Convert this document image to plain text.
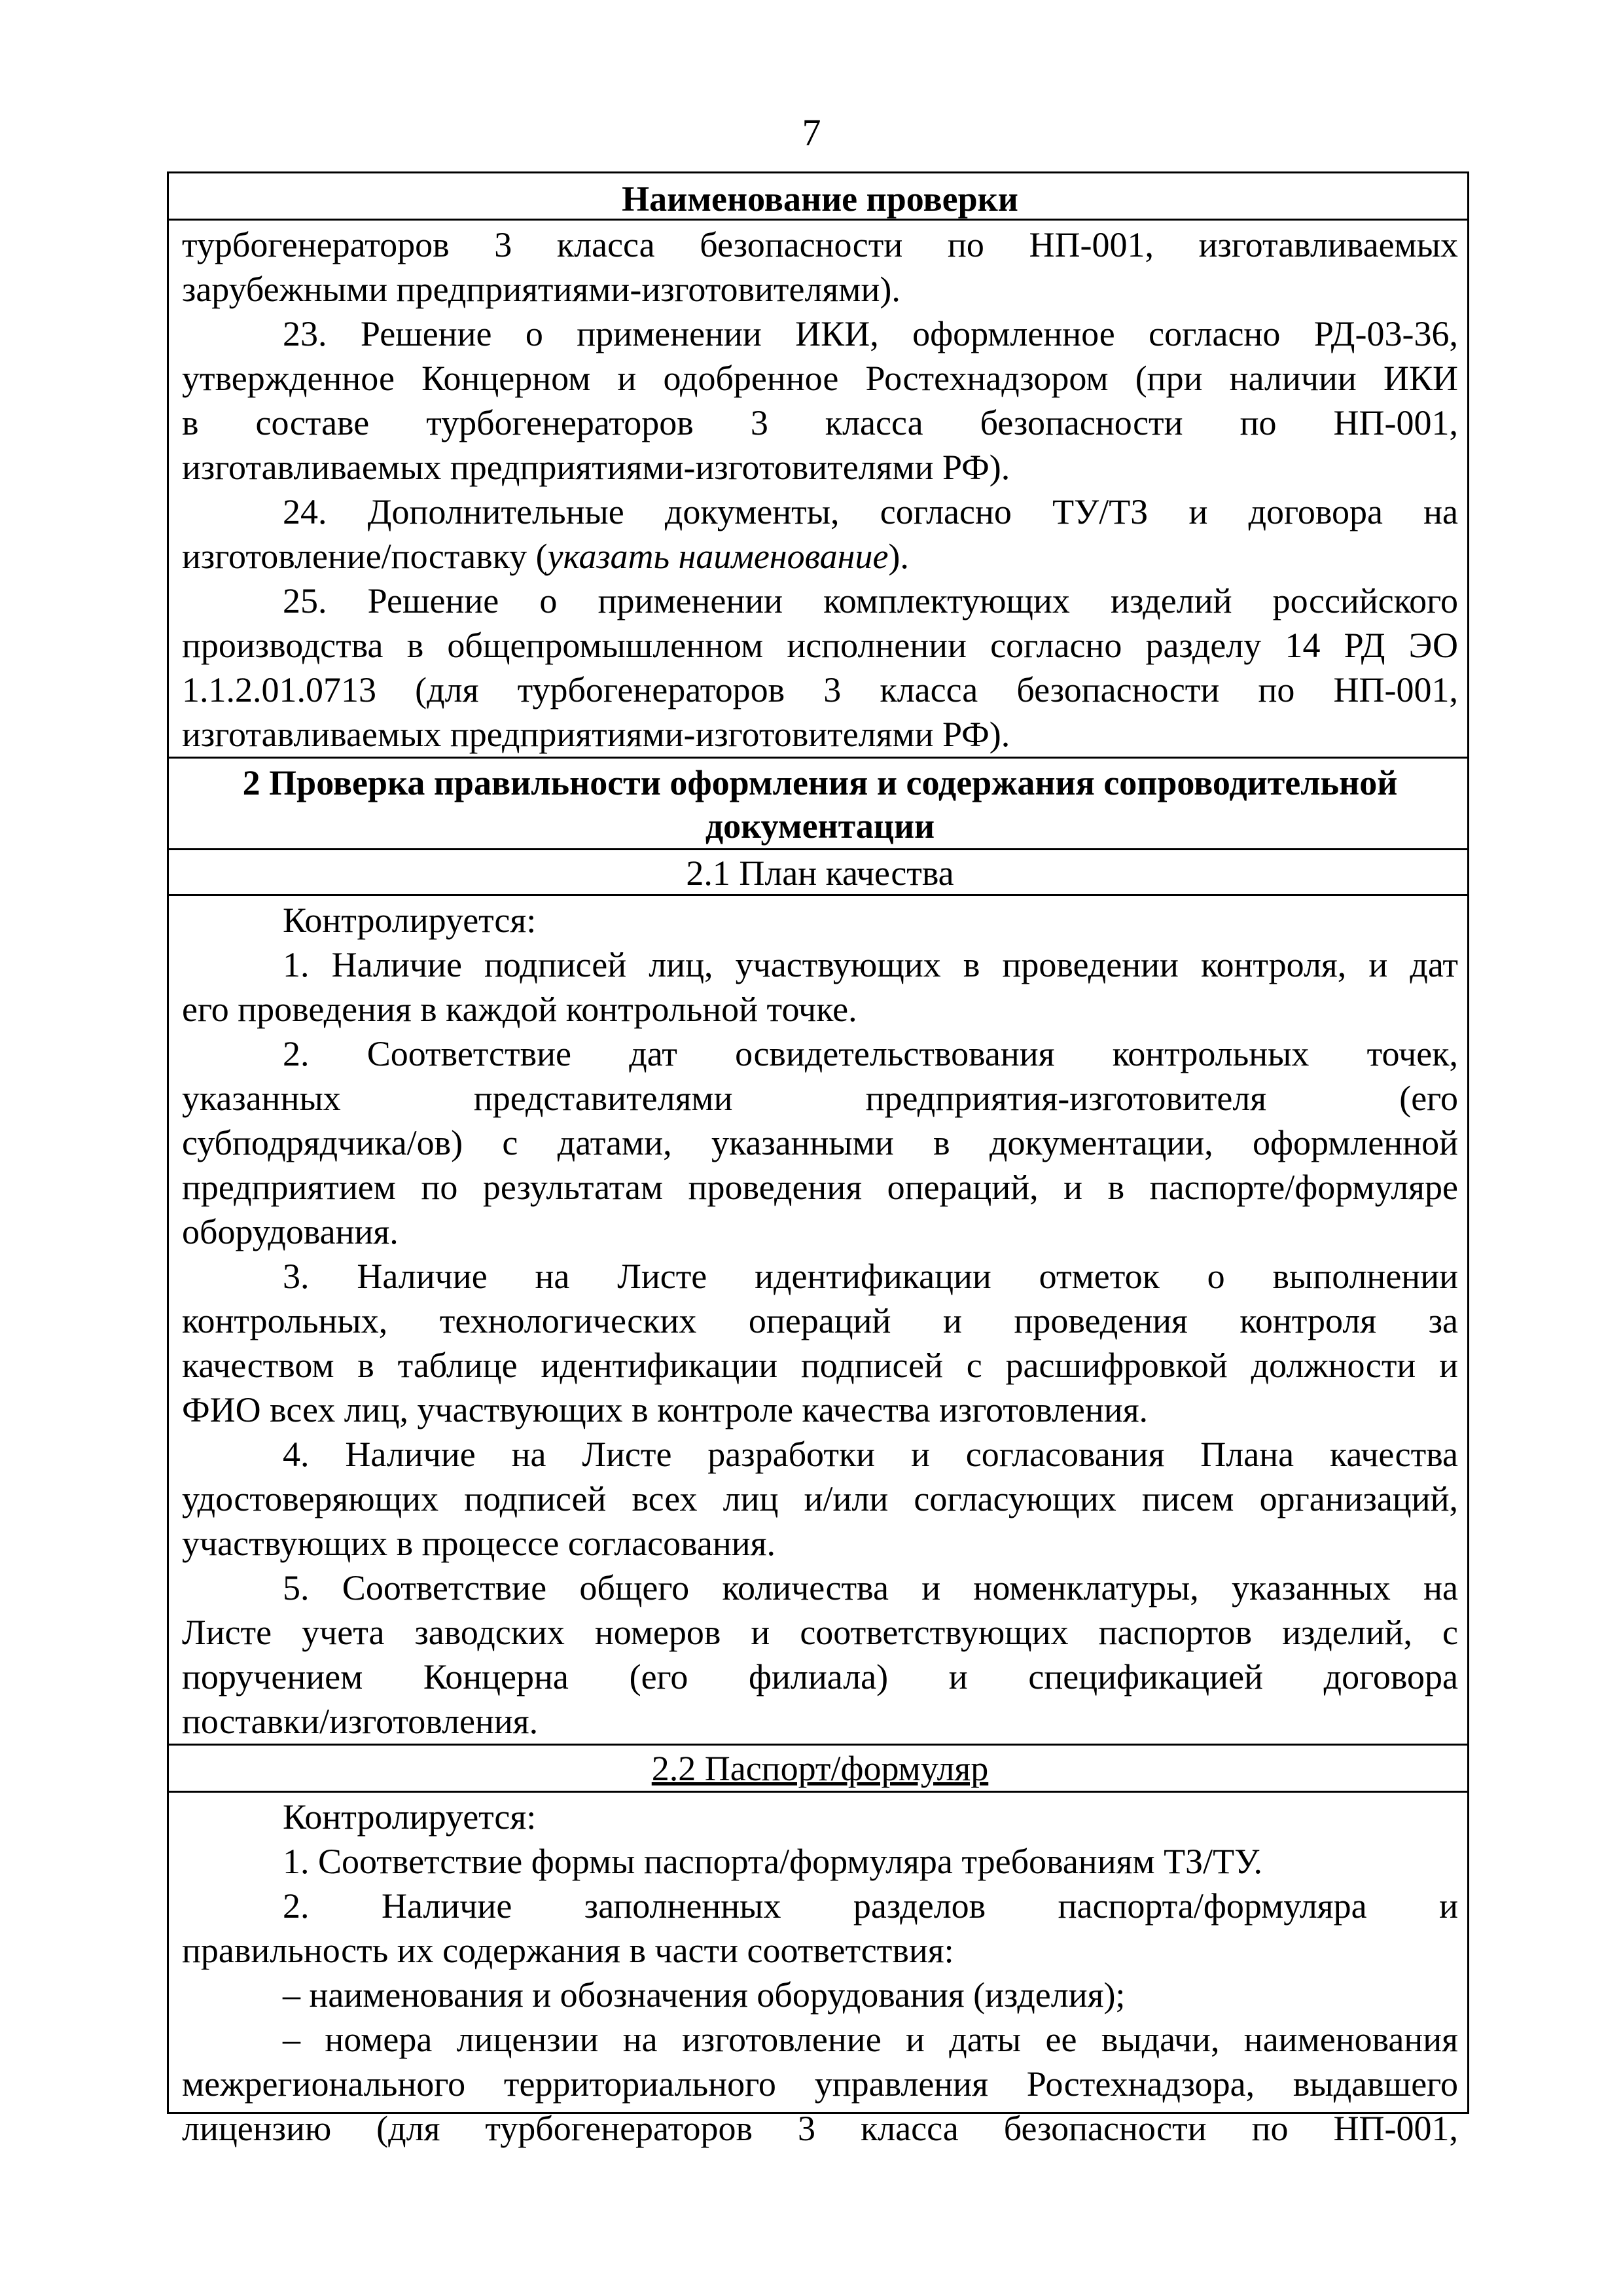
7
Наименование проверки
турбогенераторов 3 класса безопасности по НП-001, изготавливаемых
зарубежными предприятиями-изготовителями).
23. Решение о применении ИКИ, оформленное согласно РД-03-36,
утвержденное Концерном и одобренное Ростехнадзором (при наличии ИКИ
в составе турбогенераторов 3 класса безопасности по НП-001,
изготавливаемых предприятиями-изготовителями РФ).
24. Дополнительные документы, согласно ТУ/ТЗ и договора на
изготовление/поставку (указать наименование).
25. Решение о применении комплектующих изделий российского
производства в общепромышленном исполнении согласно разделу 14 РД ЭО
1.1.2.01.0713 (для турбогенераторов 3 класса безопасности по НП-001,
изготавливаемых предприятиями-изготовителями РФ).
2 Проверка правильности оформления и содержания сопроводительной
документации
2.1 План качества
Контролируется:
1. Наличие подписей лиц, участвующих в проведении контроля, и дат
его проведения в каждой контрольной точке.
2. Соответствие дат освидетельствования контрольных точек,
указанных представителями предприятия-изготовителя (его
субподрядчика/ов) с датами, указанными в документации, оформленной
предприятием по результатам проведения операций, и в паспорте/формуляре
оборудования.
3. Наличие на Листе идентификации отметок о выполнении
контрольных, технологических операций и проведения контроля за
качеством в таблице идентификации подписей с расшифровкой должности и
ФИО всех лиц, участвующих в контроле качества изготовления.
4. Наличие на Листе разработки и согласования Плана качества
удостоверяющих подписей всех лиц и/или согласующих писем организаций,
участвующих в процессе согласования.
5. Соответствие общего количества и номенклатуры, указанных на
Листе учета заводских номеров и соответствующих паспортов изделий, с
поручением Концерна (его филиала) и спецификацией договора
поставки/изготовления.
2.2 Паспорт/формуляр
Контролируется:
1. Соответствие формы паспорта/формуляра требованиям ТЗ/ТУ.
2. Наличие заполненных разделов паспорта/формуляра и
правильность их содержания в части соответствия:
– наименования и обозначения оборудования (изделия);
– номера лицензии на изготовление и даты ее выдачи, наименования
межрегионального территориального управления Ростехнадзора, выдавшего
лицензию (для турбогенераторов 3 класса безопасности по НП-001,
